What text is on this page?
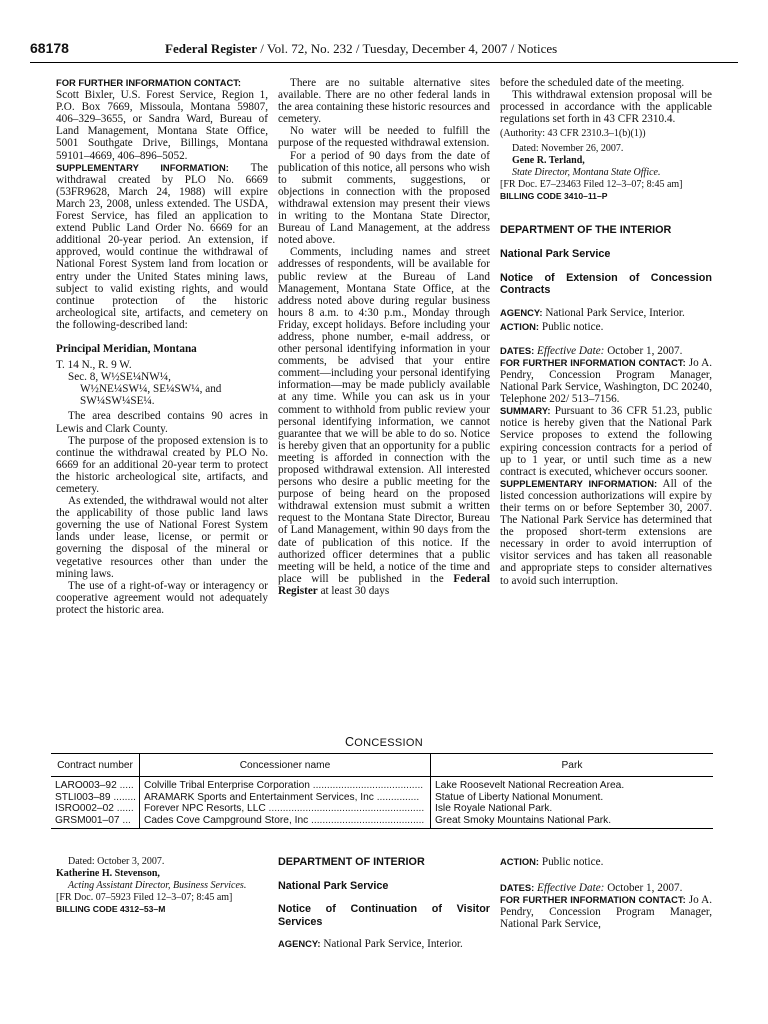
68178	Federal Register / Vol. 72, No. 232 / Tuesday, December 4, 2007 / Notices

FOR FURTHER INFORMATION CONTACT:
Scott Bixler, U.S. Forest Service, Region 1, P.O. Box 7669, Missoula, Montana 59807, 406–329–3655, or Sandra Ward, Bureau of Land Management, Montana State Office, 5001 Southgate Drive, Billings, Montana 59101–4669, 406–896–5052.

SUPPLEMENTARY INFORMATION: The withdrawal created by PLO No. 6669 (53FR9628, March 24, 1988) will expire March 23, 2008, unless extended. The USDA, Forest Service, has filed an application to extend Public Land Order No. 6669 for an additional 20-year period. An extension, if approved, would continue the withdrawal of National Forest System land from location or entry under the United States mining laws, subject to valid existing rights, and would continue protection of the historic archeological site, artifacts, and cemetery on the following-described land:

Principal Meridian, Montana

T. 14 N., R. 9 W.

Sec. 8, W½SE¼NW¼,

W½NE¼SW¼, SE¼SW¼, and

SW¼SW¼SE¼.

The area described contains 90 acres in Lewis and Clark County.

The purpose of the proposed extension is to continue the withdrawal created by PLO No. 6669 for an additional 20-year term to protect the historic archeological site, artifacts, and cemetery.

As extended, the withdrawal would not alter the applicability of those public land laws governing the use of National Forest System lands under lease, license, or permit or governing the disposal of the mineral or vegetative resources other than under the mining laws.

The use of a right-of-way or interagency or cooperative agreement would not adequately protect the historic area.

There are no suitable alternative sites available. There are no other federal lands in the area containing these historic resources and cemetery.

No water will be needed to fulfill the purpose of the requested withdrawal extension.

For a period of 90 days from the date of publication of this notice, all persons who wish to submit comments, suggestions, or objections in connection with the proposed withdrawal extension may present their views in writing to the Montana State Director, Bureau of Land Management, at the address noted above.

Comments, including names and street addresses of respondents, will be available for public review at the Bureau of Land Management, Montana State Office, at the address noted above during regular business hours 8 a.m. to 4:30 p.m., Monday through Friday, except holidays. Before including your address, phone number, e-mail address, or other personal identifying information in your comments, be advised that your entire comment—including your personal identifying information—may be made publicly available at any time. While you can ask us in your comment to withhold from public review your personal identifying information, we cannot guarantee that we will be able to do so. Notice is hereby given that an opportunity for a public meeting is afforded in connection with the proposed withdrawal extension. All interested persons who desire a public meeting for the purpose of being heard on the proposed withdrawal extension must submit a written request to the Montana State Director, Bureau of Land Management, within 90 days from the date of publication of this notice. If the authorized officer determines that a public meeting will be held, a notice of the time and place will be published in the Federal Register at least 30 days

before the scheduled date of the meeting.

This withdrawal extension proposal will be processed in accordance with the applicable regulations set forth in 43 CFR 2310.4.

(Authority: 43 CFR 2310.3–1(b)(1))

Dated: November 26, 2007.

Gene R. Terland,

State Director, Montana State Office.

[FR Doc. E7–23463 Filed 12–3–07; 8:45 am]

BILLING CODE 3410–11–P

DEPARTMENT OF THE INTERIOR

National Park Service

Notice of Extension of Concession Contracts

AGENCY: National Park Service, Interior.

ACTION: Public notice.

DATES: Effective Date: October 1, 2007.

FOR FURTHER INFORMATION CONTACT: Jo A. Pendry, Concession Program Manager, National Park Service, Washington, DC 20240, Telephone 202/ 513–7156.

SUMMARY: Pursuant to 36 CFR 51.23, public notice is hereby given that the National Park Service proposes to extend the following expiring concession contracts for a period of up to 1 year, or until such time as a new contract is executed, whichever occurs sooner.

SUPPLEMENTARY INFORMATION: All of the listed concession authorizations will expire by their terms on or before September 30, 2007. The National Park Service has determined that the proposed short-term extensions are necessary in order to avoid interruption of visitor services and has taken all reasonable and appropriate steps to consider alternatives to avoid such interruption.

CONCESSION
Contract number	Concessioner name	Park
LARO003–92 .....	Colville Tribal Enterprise Corporation .......................................	Lake Roosevelt National Recreation Area.
STLI003–89 ........	ARAMARK Sports and Entertainment Services, Inc ...............	Statue of Liberty National Monument.
ISRO002–02 ......	Forever NPC Resorts, LLC .......................................................	Isle Royale National Park.
GRSM001–07 ...	Cades Cove Campground Store, Inc ........................................	Great Smoky Mountains National Park.

Dated: October 3, 2007.

Katherine H. Stevenson,

Acting Assistant Director, Business Services.

[FR Doc. 07–5923 Filed 12–3–07; 8:45 am]

BILLING CODE 4312–53–M

DEPARTMENT OF INTERIOR

National Park Service

Notice of Continuation of Visitor Services

AGENCY: National Park Service, Interior.

ACTION: Public notice.

DATES: Effective Date: October 1, 2007.

FOR FURTHER INFORMATION CONTACT: Jo A. Pendry, Concession Program Manager, National Park Service,
